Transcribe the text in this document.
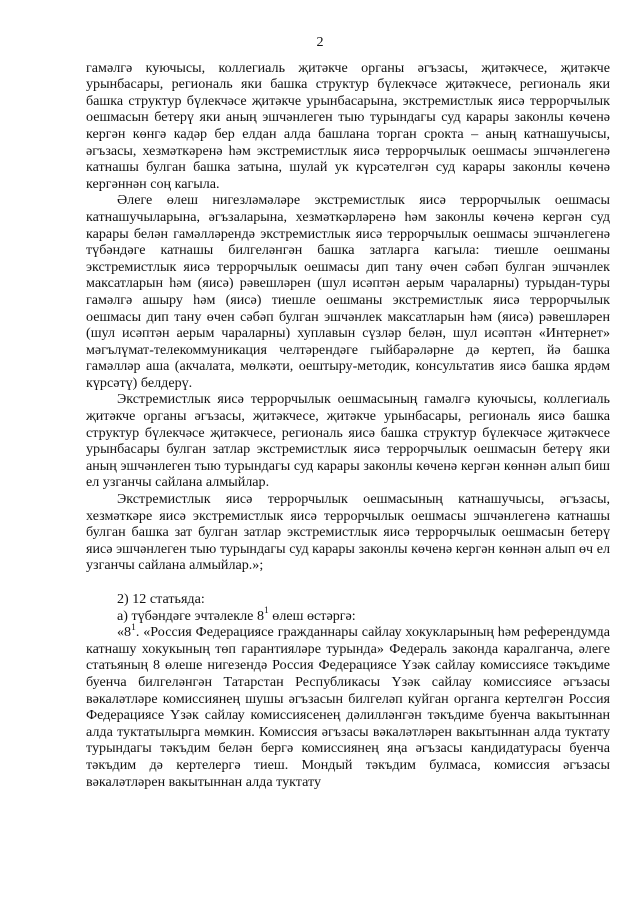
2

гамәлгә куючысы, коллегиаль җитәкче органы әгъзасы, җитәкчесе, җитәкче урынбасары, региональ яки башка структур бүлекчәсе җитәкчесе, региональ яки башка структур бүлекчәсе җитәкче урынбасарына, экстремистлык яисә террорчылык оешмасын бетерү яки аның эшчәнлеген тыю турындагы суд карары законлы көченә кергән көнгә кадәр бер елдан алда башлана торган срокта – аның катнашучысы, әгъзасы, хезмәткәренә һәм экстремистлык яисә террорчылык оешмасы эшчәнлегенә катнашы булган башка затына, шулай ук күрсәтелгән суд карары законлы көченә кергәннән соң кагыла.

Әлеге өлеш нигезләмәләре экстремистлык яисә террорчылык оешмасы катнашучыларына, әгъзаларына, хезмәткәрләренә һәм законлы көченә кергән суд карары белән гамәлләрендә экстремистлык яисә террорчылык оешмасы эшчәнлегенә түбәндәге катнашы билгеләнгән башка затларга кагыла: тиешле оешманы экстремистлык яисә террорчылык оешмасы дип тану өчен сәбәп булган эшчәнлек максатларын һәм (яисә) рәвешләрен (шул исәптән аерым чараларны) турыдан-туры гамәлгә ашыру һәм (яисә) тиешле оешманы экстремистлык яисә террорчылык оешмасы дип тану өчен сәбәп булган эшчәнлек максатларын һәм (яисә) рәвешләрен (шул исәптән аерым чараларны) хуплавын сүзләр белән, шул исәптән «Интернет» мәгълүмат-телекоммуникация челтәрендәге гыйбарәләрне дә кертеп, йә башка гамәлләр аша (акчалата, мөлкәти, оештыру-методик, консультатив яисә башка ярдәм күрсәтү) белдерү.

Экстремистлык яисә террорчылык оешмасының гамәлгә куючысы, коллегиаль җитәкче органы әгъзасы, җитәкчесе, җитәкче урынбасары, региональ яисә башка структур бүлекчәсе җитәкчесе, региональ яисә башка структур бүлекчәсе җитәкчесе урынбасары булган затлар экстремистлык яисә террорчылык оешмасын бетерү яки аның эшчәнлеген тыю турындагы суд карары законлы көченә кергән көннән алып биш ел узганчы сайлана алмыйлар.

Экстремистлык яисә террорчылык оешмасының катнашучысы, әгъзасы, хезмәткәре яисә экстремистлык яисә террорчылык оешмасы эшчәнлегенә катнашы булган башка зат булган затлар экстремистлык яисә террорчылык оешмасын бетерү яисә эшчәнлеген тыю турындагы суд карары законлы көченә кергән көннән алып өч ел узганчы сайлана алмыйлар.»;

2) 12 статьяда:

а) түбәндәге эчтәлекле $8^1$ өлеш өстәргә:

«$8^1$. «Россия Федерациясе гражданнары сайлау хокукларының һәм референдумда катнашу хокукының төп гарантияләре турында» Федераль законда каралганча, әлеге статьяның 8 өлеше нигезендә Россия Федерациясе Үзәк сайлау комиссиясе тәкъдиме буенча билгеләнгән Татарстан Республикасы Үзәк сайлау комиссиясе әгъзасы вәкаләтләре комиссиянең шушы әгъзасын билгеләп куйган органга кертелгән Россия Федерациясе Үзәк сайлау комиссиясенең дәлилләнгән тәкъдиме буенча вакытыннан алда туктатылырга мөмкин. Комиссия әгъзасы вәкаләтләрен вакытыннан алда туктату турындагы тәкъдим белән бергә комиссиянең яңа әгъзасы кандидатурасы буенча тәкъдим дә кертелергә тиеш. Мондый тәкъдим булмаса, комиссия әгъзасы вәкаләтләрен вакытыннан алда туктату
